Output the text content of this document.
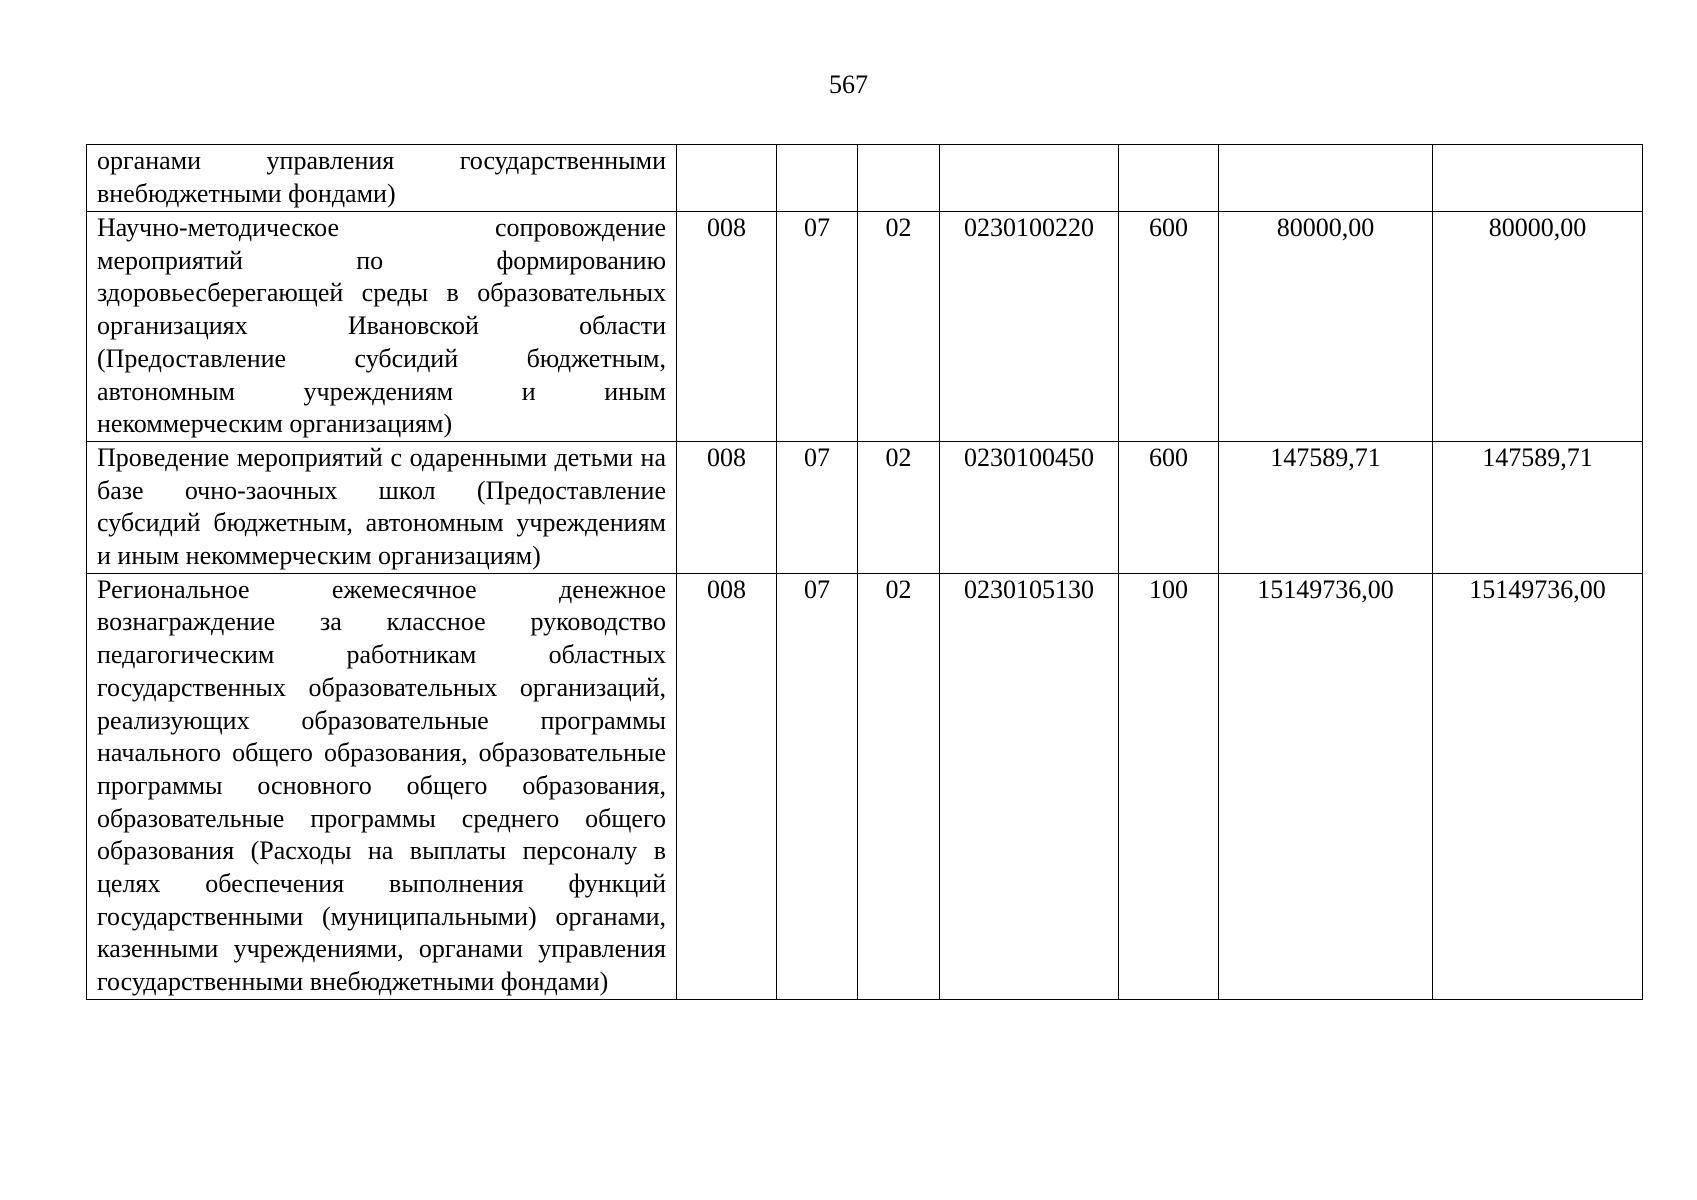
567
органами управления государственными внебюджетными фондами)							
Научно-методическое сопровождение мероприятий по формированию здоровьесберегающей среды в образовательных организациях Ивановской области (Предоставление субсидий бюджетным, автономным учреждениям и иным некоммерческим организациям)	008	07	02	0230100220	600	80000,00	80000,00
Проведение мероприятий с одаренными детьми на базе очно-заочных школ (Предоставление субсидий бюджетным, автономным учреждениям и иным некоммерческим организациям)	008	07	02	0230100450	600	147589,71	147589,71
Региональное ежемесячное денежное вознаграждение за классное руководство педагогическим работникам областных государственных образовательных организаций, реализующих образовательные программы начального общего образования, образовательные программы основного общего образования, образовательные программы среднего общего образования (Расходы на выплаты персоналу в целях обеспечения выполнения функций государственными (муниципальными) органами, казенными учреждениями, органами управления государственными внебюджетными фондами)	008	07	02	0230105130	100	15149736,00	15149736,00
